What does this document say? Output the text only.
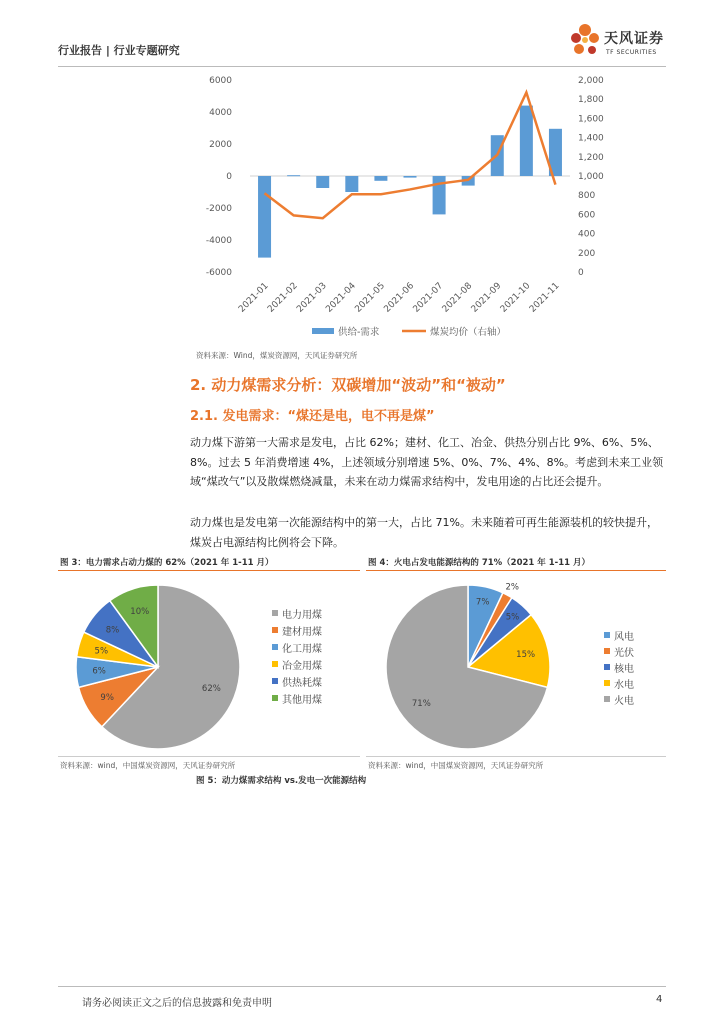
行业报告 | 行业专题研究
天风证券
TF SECURITIES
6000
4000
2000
0
-2000
-4000
-6000
2,000
1,800
1,600
1,400
1,200
1,000
800
600
400
200
0
2021-01
2021-02
2021-03
2021-04
2021-05
2021-06
2021-07
2021-08
2021-09
2021-10
2021-11
供给-需求	煤炭均价（右轴）
资料来源：Wind，煤炭资源网，天风证券研究所
2. 动力煤需求分析：双碳增加“波动”和“被动”
2.1. 发电需求：“煤还是电，电不再是煤”
动力煤下游第一大需求是发电，占比 62%；建材、化工、冶金、供热分别占比 9%、6%、5%、8%。过去 5 年消费增速 4%，上述领域分别增速 5%、0%、7%、4%、8%。考虑到未来工业领域“煤改气”以及散煤燃烧减量，未来在动力煤需求结构中，发电用途的占比还会提升。
动力煤也是发电第一次能源结构中的第一大，占比 71%。未来随着可再生能源装机的较快提升，煤炭占电源结构比例将会下降。
图 3：电力需求占动力煤的 62%（2021 年 1-11 月）
62%
9%
6%
5%
8%
10%	电力用煤
建材用煤
化工用煤
冶金用煤
供热耗煤
其他用煤
资料来源：wind，中国煤炭资源网，天风证券研究所
图 4：火电占发电能源结构的 71%（2021 年 1-11 月）
7%
2%
5%
15%
71%
风电
光伏
核电
水电
火电
资料来源：wind，中国煤炭资源网，天风证券研究所
图 5：动力煤需求结构 vs.发电一次能源结构
请务必阅读正文之后的信息披露和免责申明	4
